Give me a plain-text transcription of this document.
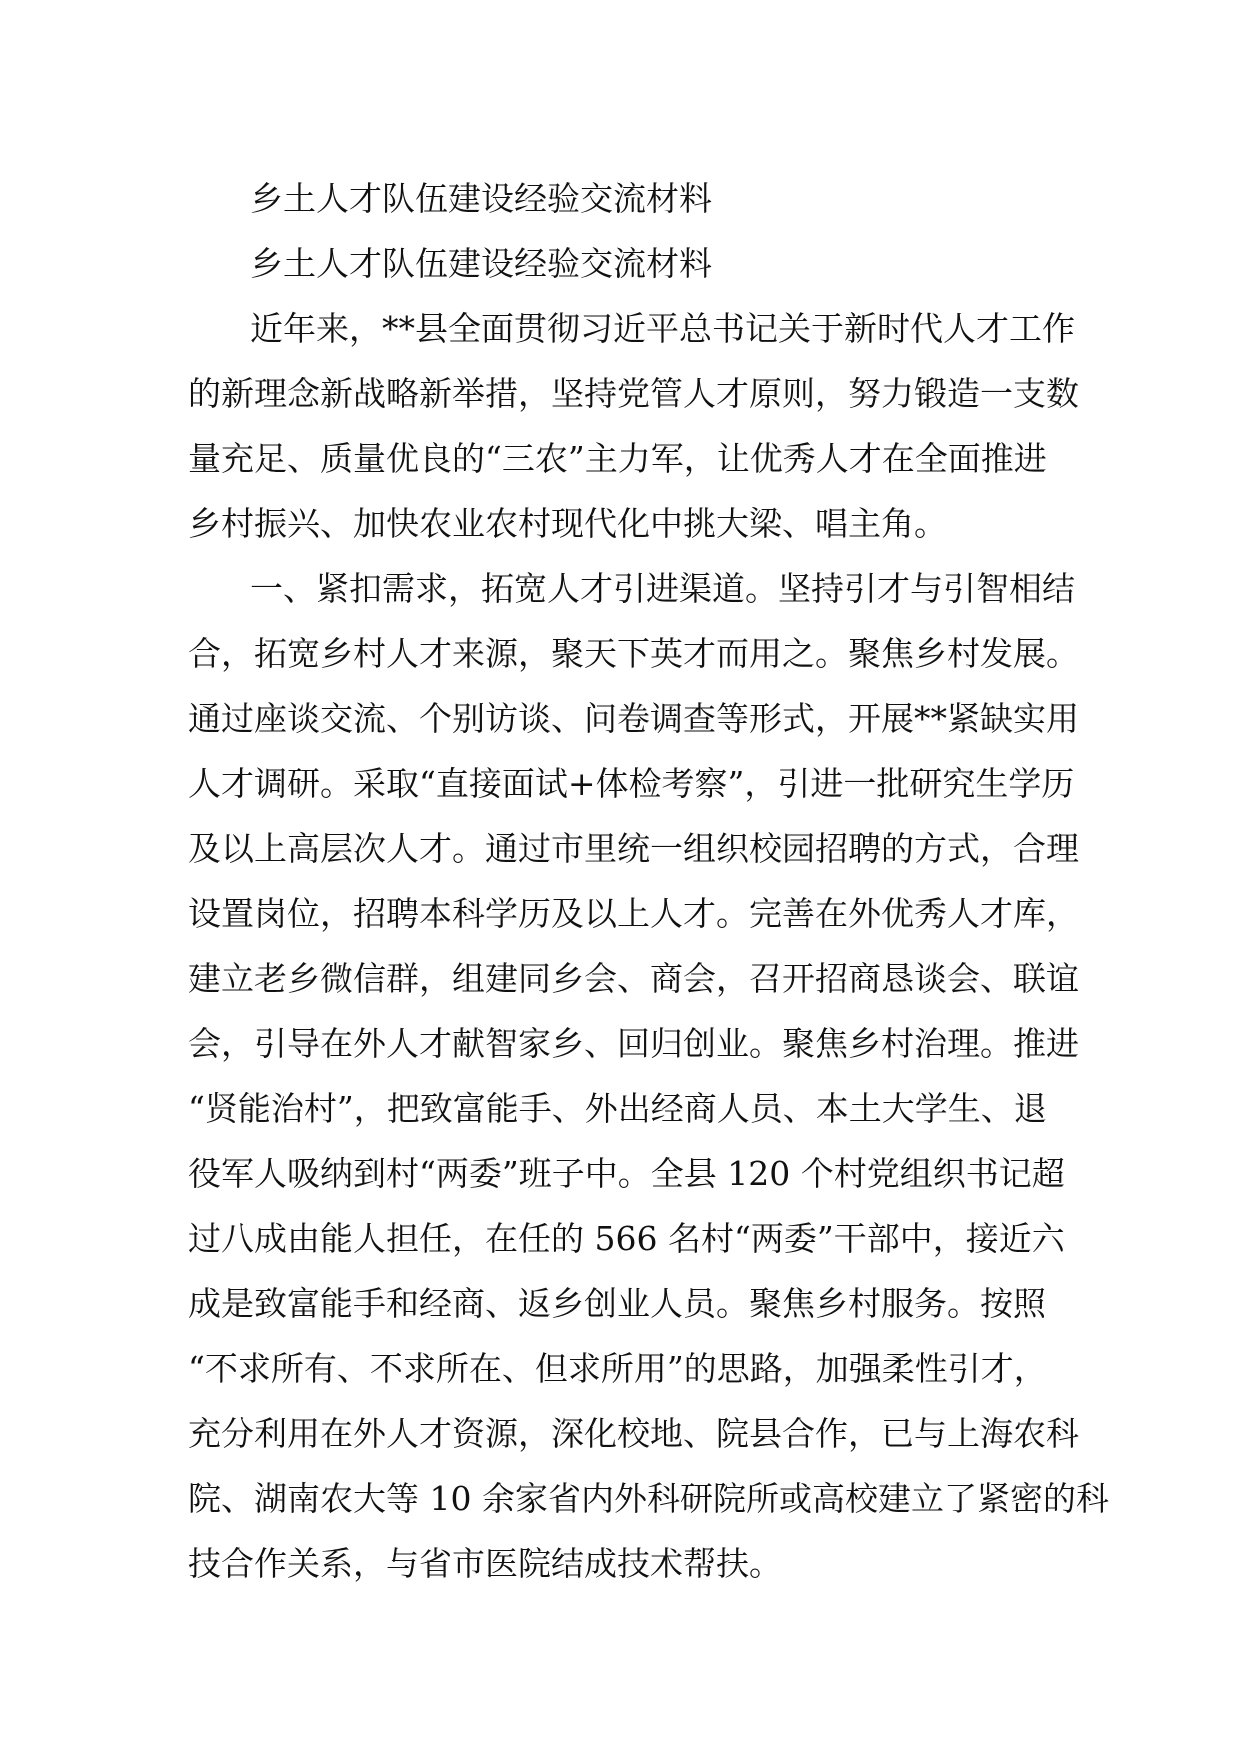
乡土人才队伍建设经验交流材料
乡土人才队伍建设经验交流材料
近年来，**县全面贯彻习近平总书记关于新时代人才工作
的新理念新战略新举措，坚持党管人才原则，努力锻造一支数
量充足、质量优良的“三农”主力军，让优秀人才在全面推进
乡村振兴、加快农业农村现代化中挑大梁、唱主角。
一、紧扣需求，拓宽人才引进渠道。坚持引才与引智相结
合，拓宽乡村人才来源，聚天下英才而用之。聚焦乡村发展。
通过座谈交流、个别访谈、问卷调查等形式，开展**紧缺实用
人才调研。采取“直接面试+体检考察”，引进一批研究生学历
及以上高层次人才。通过市里统一组织校园招聘的方式，合理
设置岗位，招聘本科学历及以上人才。完善在外优秀人才库，
建立老乡微信群，组建同乡会、商会，召开招商恳谈会、联谊
会，引导在外人才献智家乡、回归创业。聚焦乡村治理。推进
“贤能治村”，把致富能手、外出经商人员、本土大学生、退
役军人吸纳到村“两委”班子中。全县 120 个村党组织书记超
过八成由能人担任，在任的 566 名村“两委”干部中，接近六
成是致富能手和经商、返乡创业人员。聚焦乡村服务。按照
“不求所有、不求所在、但求所用”的思路，加强柔性引才，
充分利用在外人才资源，深化校地、院县合作，已与上海农科
院、湖南农大等 10 余家省内外科研院所或高校建立了紧密的科
技合作关系，与省市医院结成技术帮扶。
